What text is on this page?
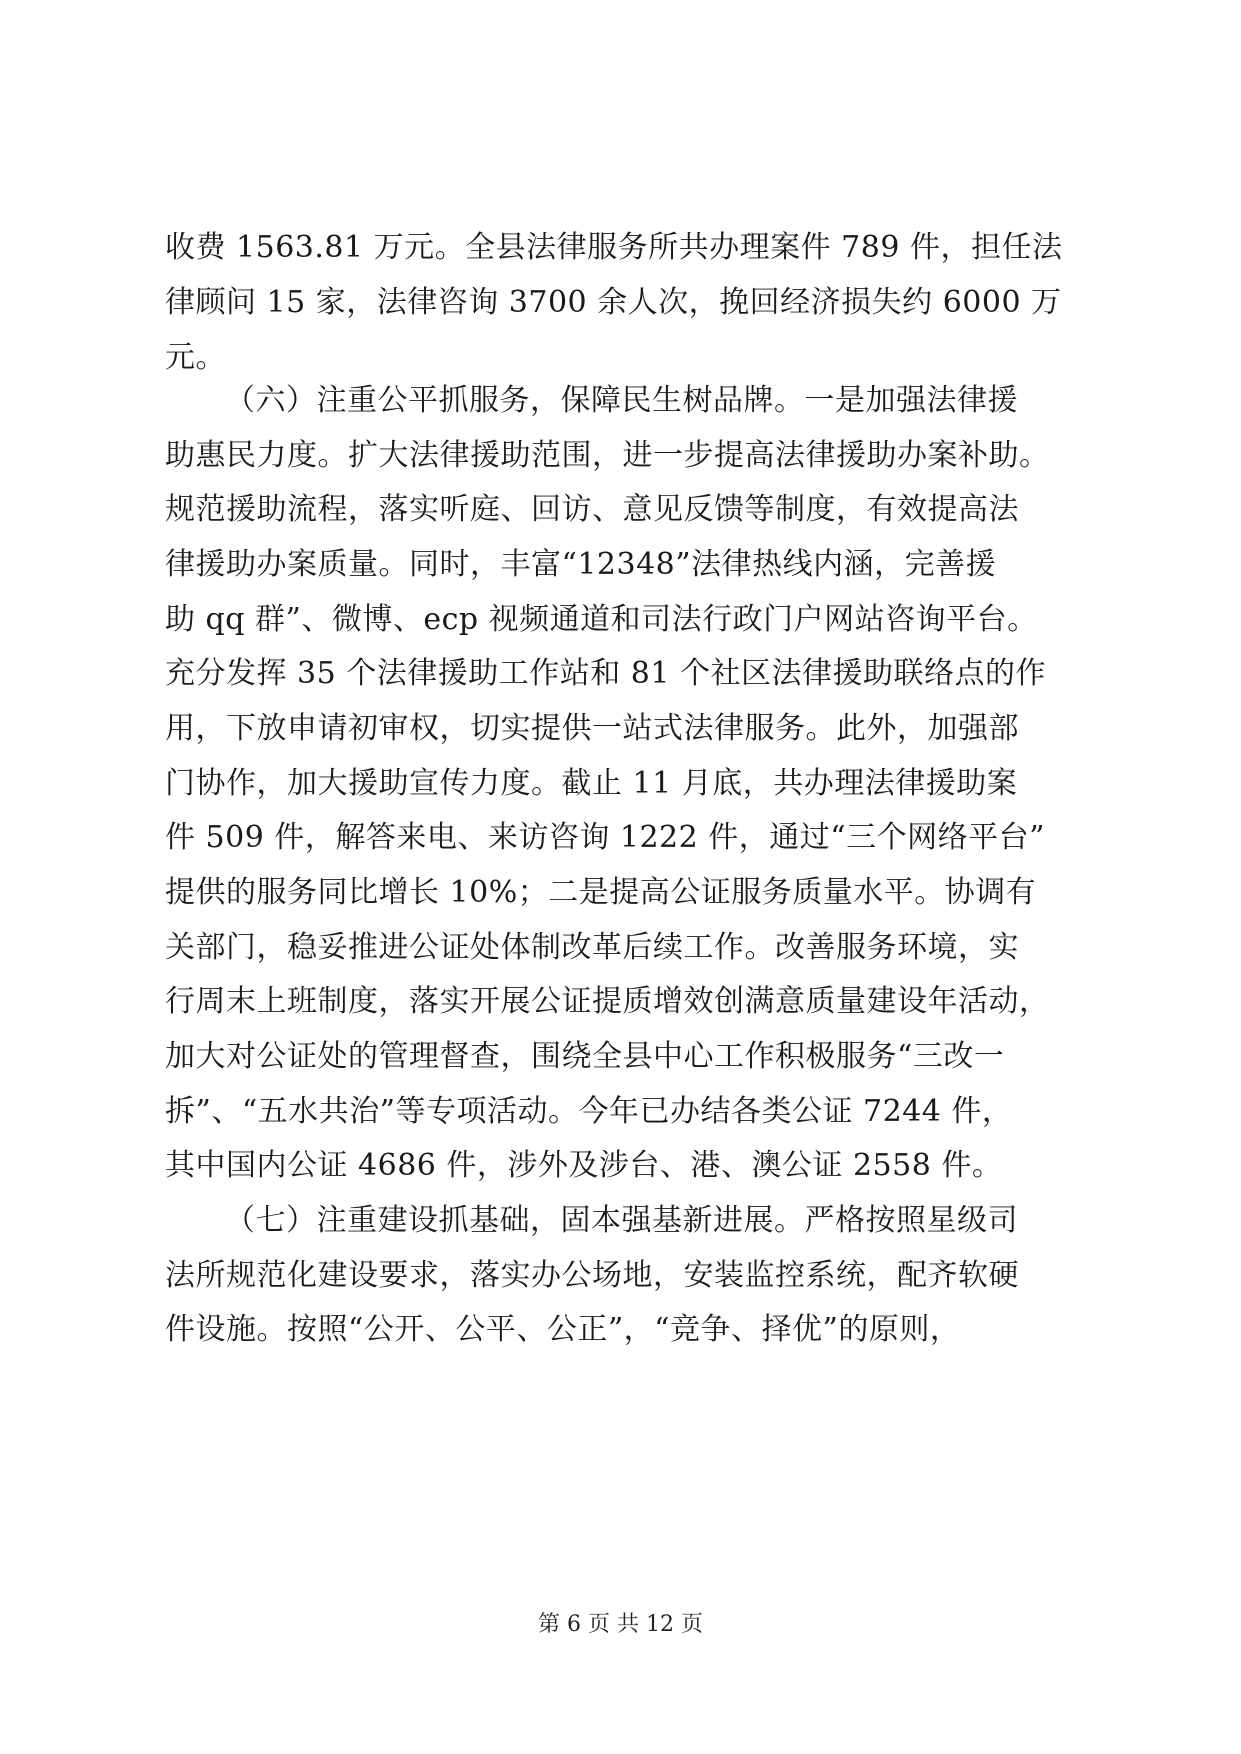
收费 1563.81 万元。全县法律服务所共办理案件 789 件，担任法
律顾问 15 家，法律咨询 3700 余人次，挽回经济损失约 6000 万
元。
（六）注重公平抓服务，保障民生树品牌。一是加强法律援
助惠民力度。扩大法律援助范围，进一步提高法律援助办案补助。
规范援助流程，落实听庭、回访、意见反馈等制度，有效提高法
律援助办案质量。同时，丰富“12348”法律热线内涵，完善援
助 qq 群”、微博、ecp 视频通道和司法行政门户网站咨询平台。
充分发挥 35 个法律援助工作站和 81 个社区法律援助联络点的作
用，下放申请初审权，切实提供一站式法律服务。此外，加强部
门协作，加大援助宣传力度。截止 11 月底，共办理法律援助案
件 509 件，解答来电、来访咨询 1222 件，通过“三个网络平台”
提供的服务同比增长 10%；二是提高公证服务质量水平。协调有
关部门，稳妥推进公证处体制改革后续工作。改善服务环境，实
行周末上班制度，落实开展公证提质增效创满意质量建设年活动，
加大对公证处的管理督查，围绕全县中心工作积极服务“三改一
拆”、“五水共治”等专项活动。今年已办结各类公证 7244 件，
其中国内公证 4686 件，涉外及涉台、港、澳公证 2558 件。
（七）注重建设抓基础，固本强基新进展。严格按照星级司
法所规范化建设要求，落实办公场地，安装监控系统，配齐软硬
件设施。按照“公开、公平、公正”，“竞争、择优”的原则，
第 6 页 共 12 页
